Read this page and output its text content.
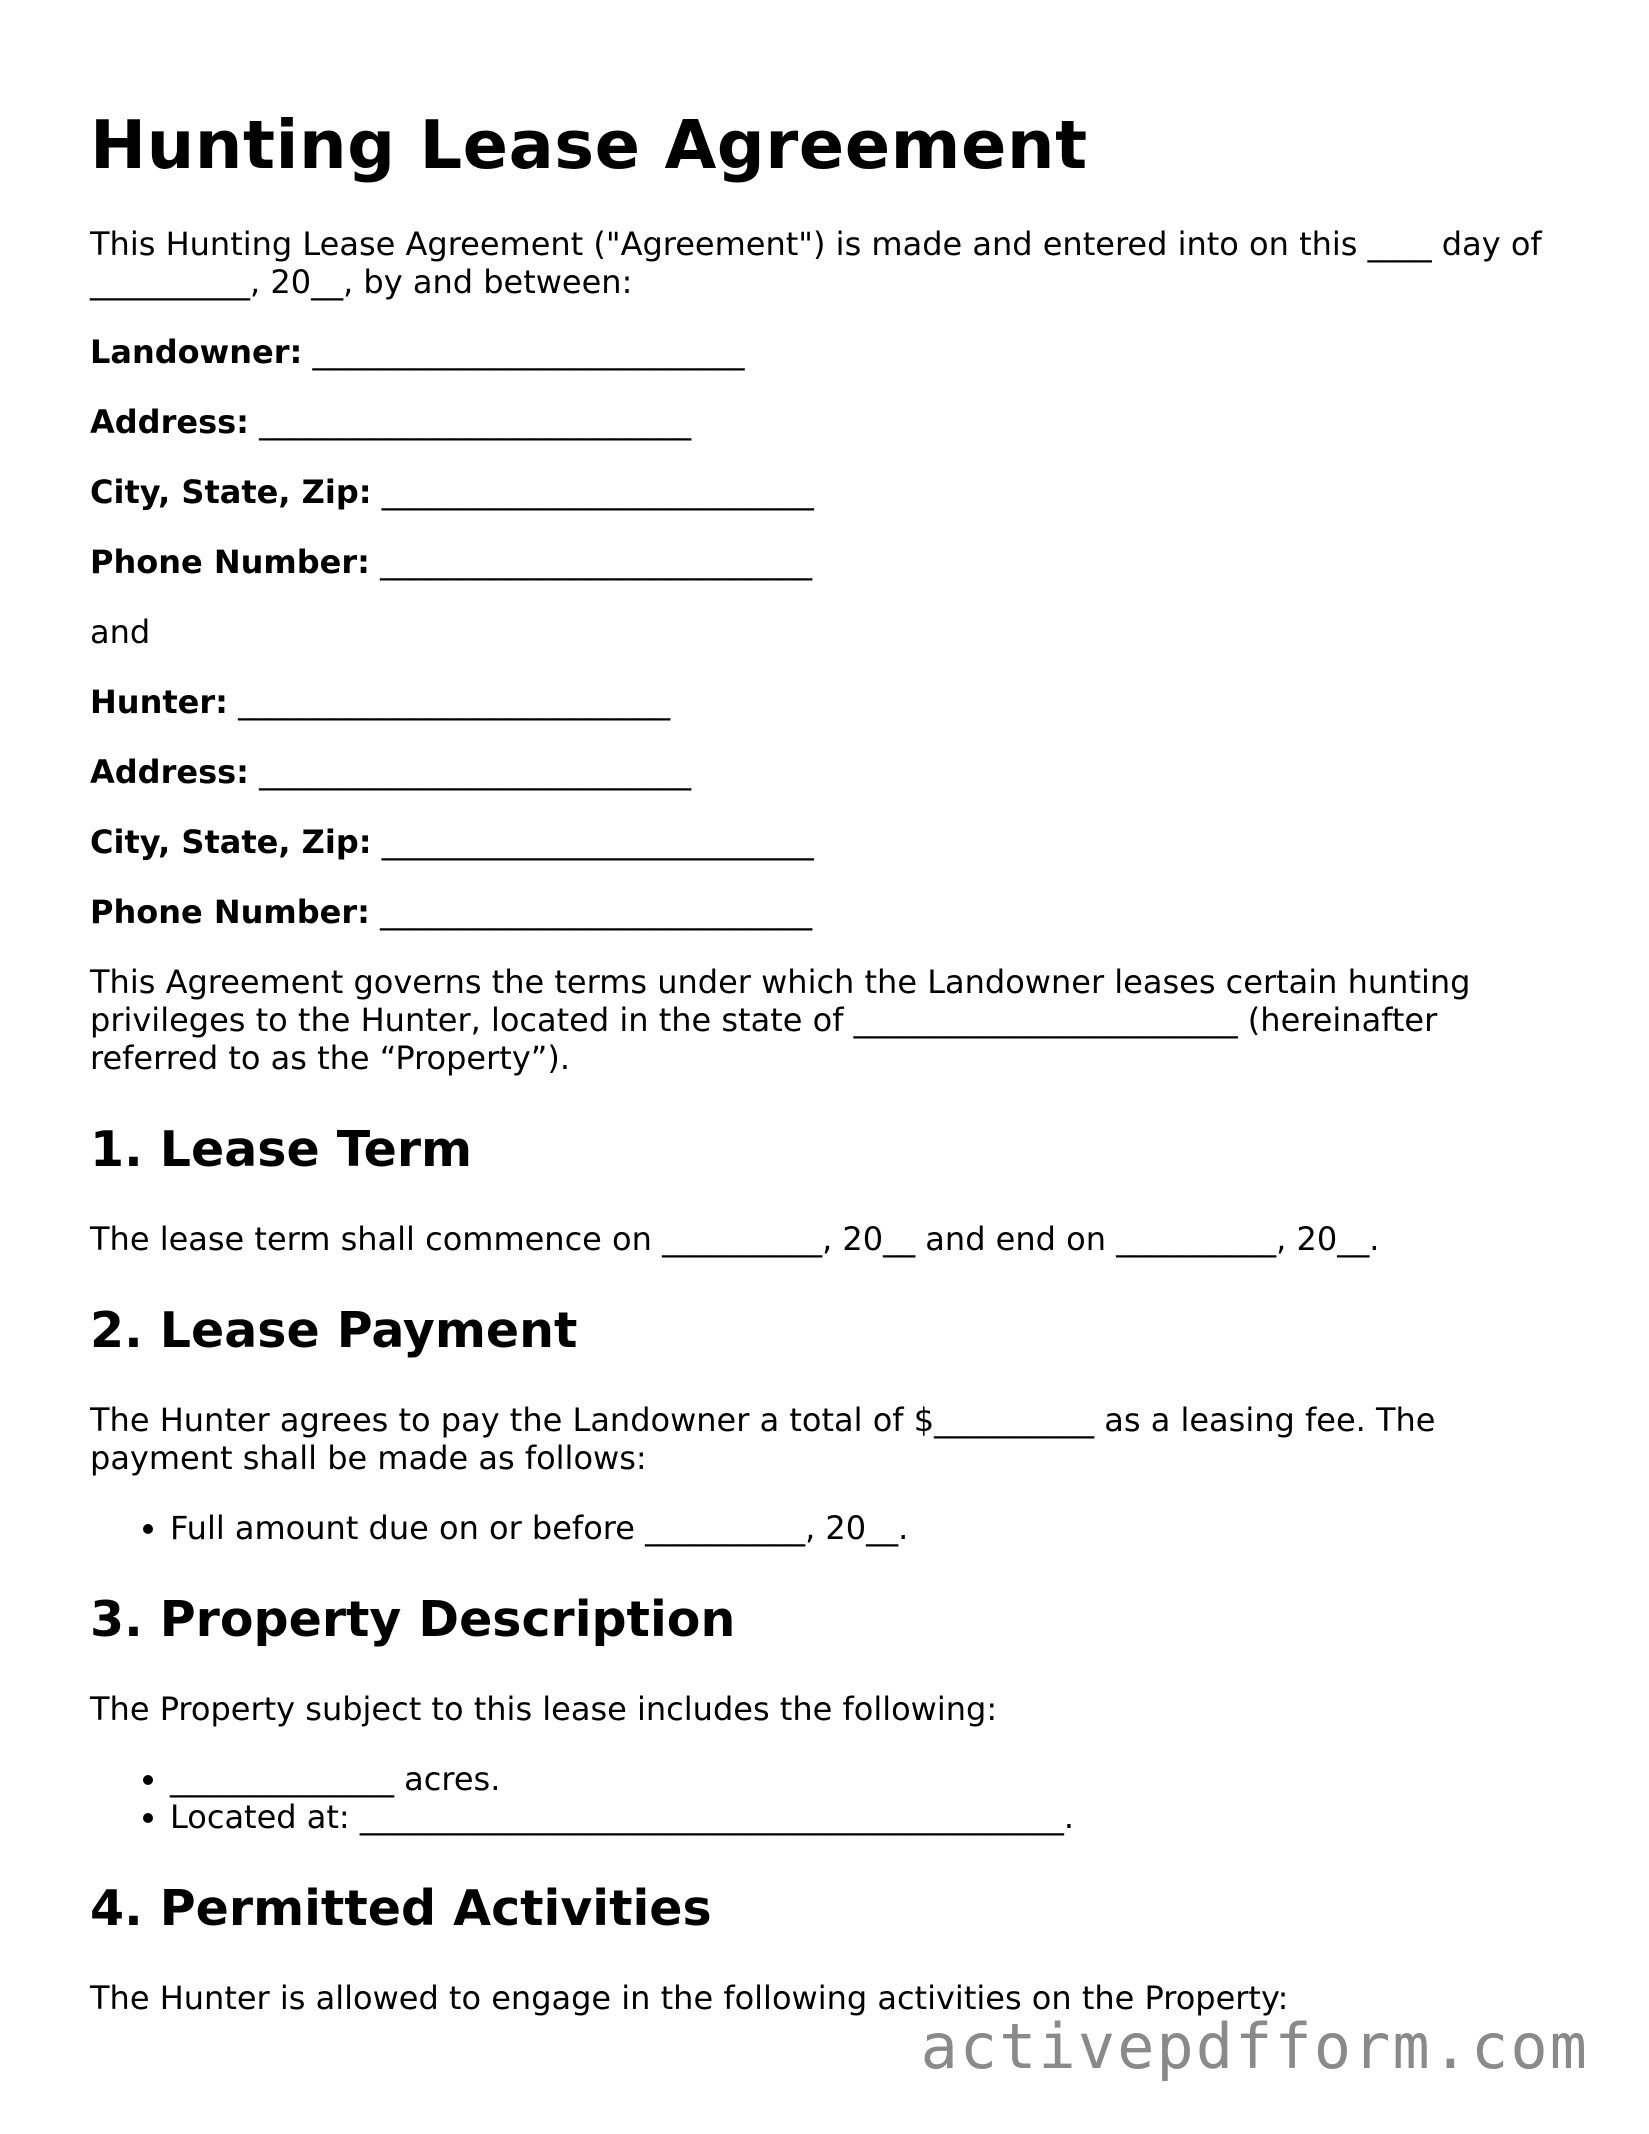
Hunting Lease Agreement

This Hunting Lease Agreement ("Agreement") is made and entered into on this ____ day of __________, 20__, by and between:

Landowner: ___________________________
Address: ___________________________
City, State, Zip: ___________________________
Phone Number: ___________________________

and

Hunter: ___________________________
Address: ___________________________
City, State, Zip: ___________________________
Phone Number: ___________________________

This Agreement governs the terms under which the Landowner leases certain hunting privileges to the Hunter, located in the state of ________________________ (hereinafter referred to as the “Property”).

1. Lease Term

The lease term shall commence on __________, 20__ and end on __________, 20__.

2. Lease Payment

The Hunter agrees to pay the Landowner a total of $__________ as a leasing fee. The payment shall be made as follows:

• Full amount due on or before __________, 20__.
3. Property Description

The Property subject to this lease includes the following:

• ______________ acres.
• Located at: ____________________________________________.
4. Permitted Activities

The Hunter is allowed to engage in the following activities on the Property:

activepdfform.com
